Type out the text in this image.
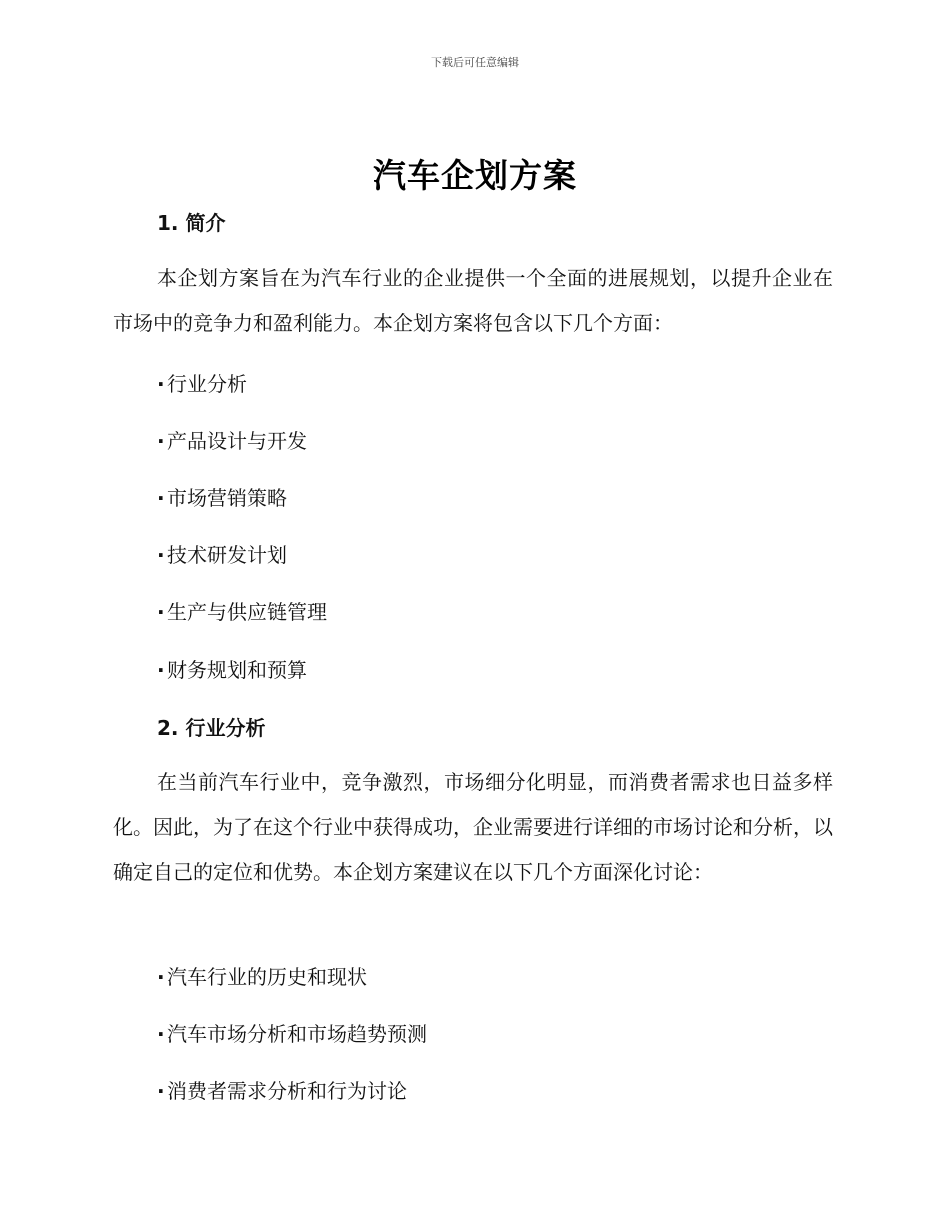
下载后可任意编辑
汽车企划方案
1. 简介

本企划方案旨在为汽车行业的企业提供一个全面的进展规划，以提升企业在市场中的竞争力和盈利能力。本企划方案将包含以下几个方面：

· 行业分析
· 产品设计与开发
· 市场营销策略
· 技术研发计划
· 生产与供应链管理
· 财务规划和预算
2. 行业分析

在当前汽车行业中，竞争激烈，市场细分化明显，而消费者需求也日益多样化。因此，为了在这个行业中获得成功，企业需要进行详细的市场讨论和分析，以确定自己的定位和优势。本企划方案建议在以下几个方面深化讨论：

· 汽车行业的历史和现状
· 汽车市场分析和市场趋势预测
· 消费者需求分析和行为讨论
